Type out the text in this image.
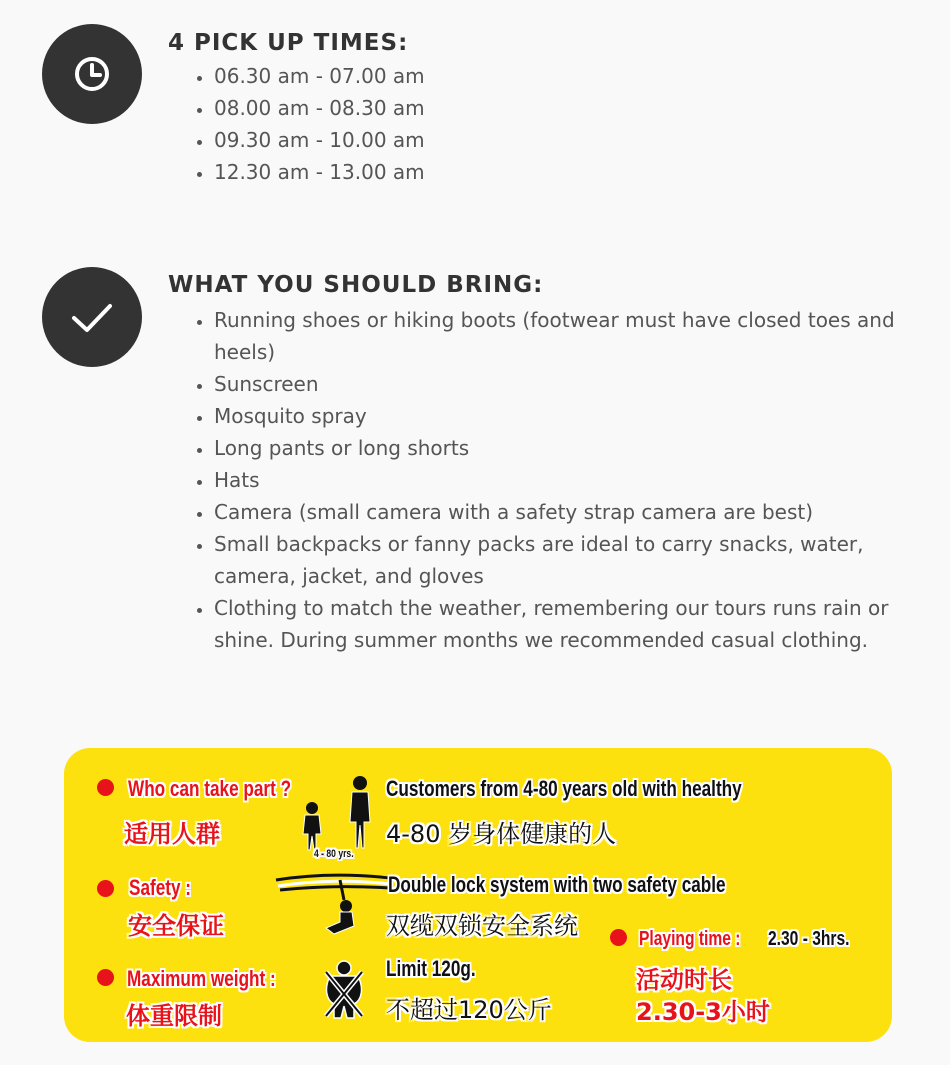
4 PICK UP TIMES:
• 06.30 am - 07.00 am
• 08.00 am - 08.30 am
• 09.30 am - 10.00 am
• 12.30 am - 13.00 am
WHAT YOU SHOULD BRING:
• Running shoes or hiking boots (footwear must have closed toes and heels)
• Sunscreen
• Mosquito spray
• Long pants or long shorts
• Hats
• Camera (small camera with a safety strap camera are best)
• Small backpacks or fanny packs are ideal to carry snacks, water, camera, jacket, and gloves
• Clothing to match the weather, remembering our tours runs rain or shine. During summer months we recommended casual clothing.
Who can take part ?
适用人群
4 - 80 yrs.
Customers from 4-80 years old with healthy
4-80 岁身体健康的人
Safety :
安全保证
Double lock system with two safety cable
双缆双锁安全系统	Playing time : 2.30 - 3hrs.
活动时长
2.30-3小时
Maximum weight :
体重限制
Limit 120g.
不超过120公斤
